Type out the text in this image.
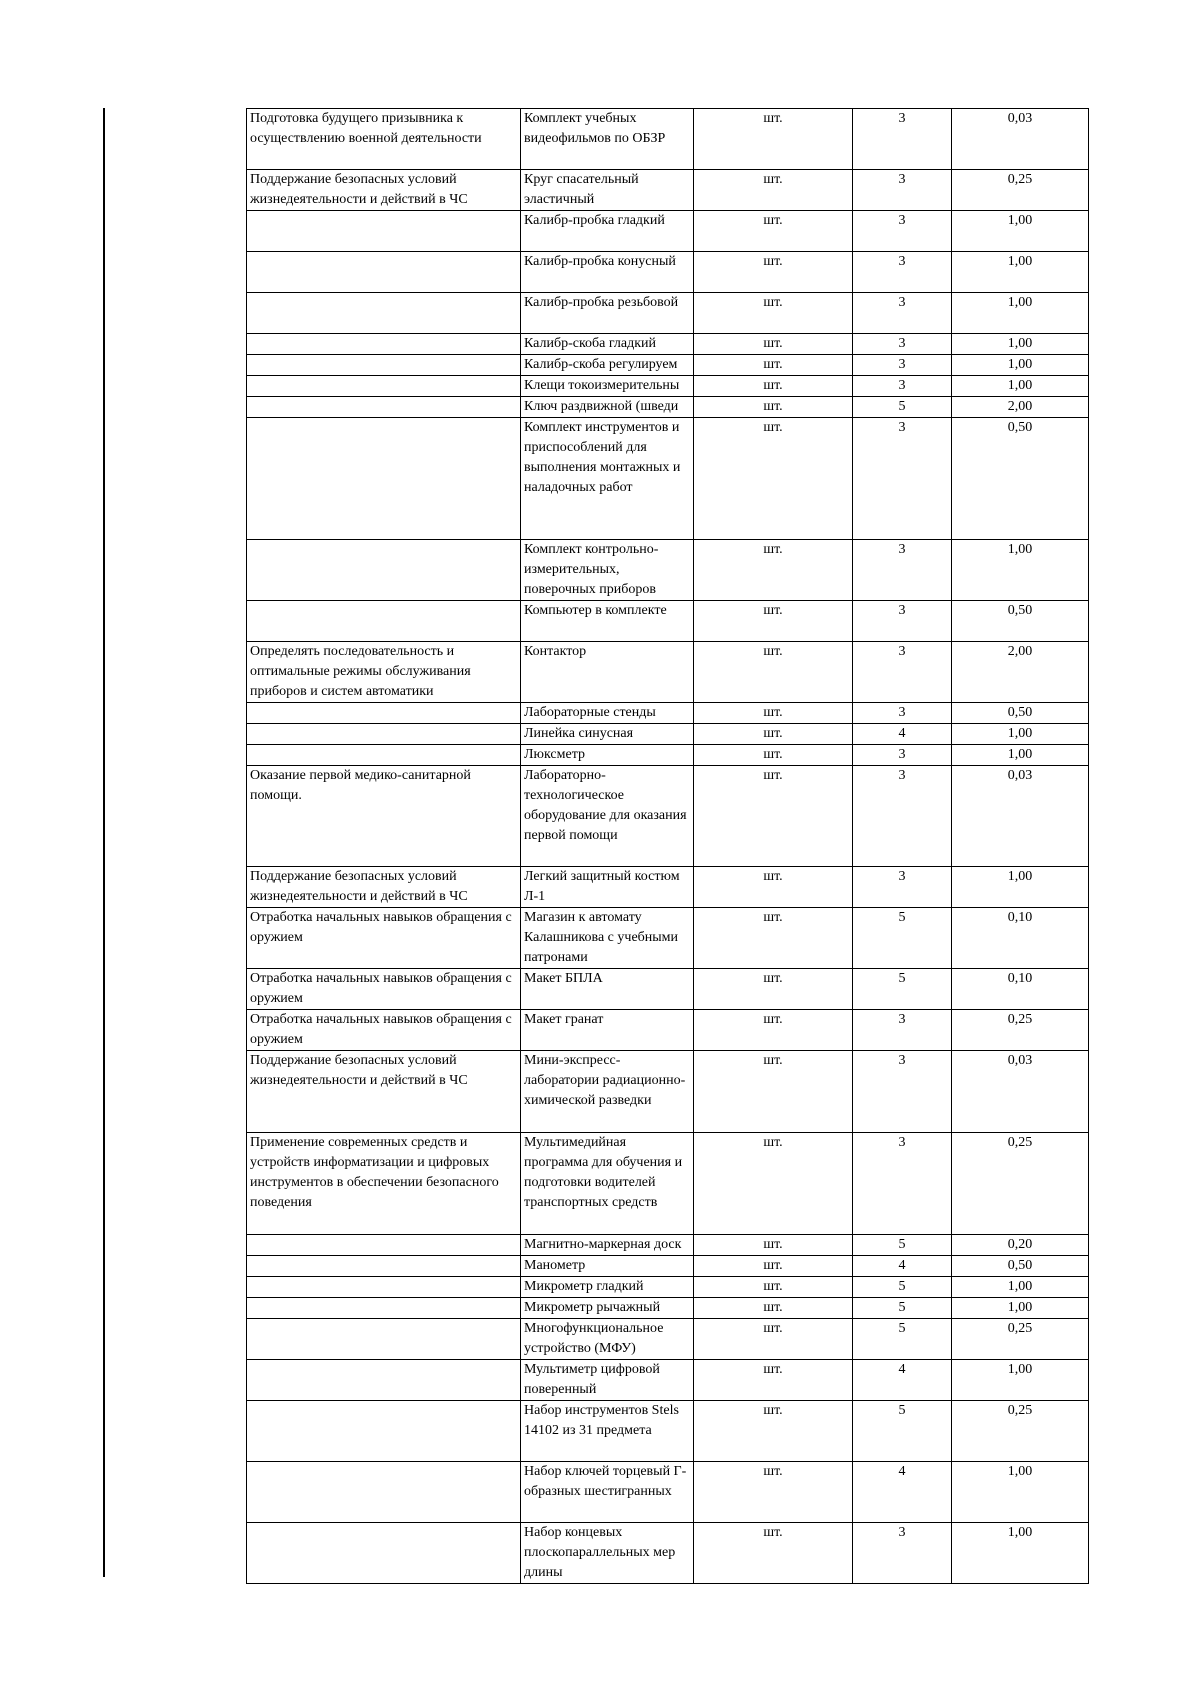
Подготовка будущего призывника к осуществлению военной деятельности	Комплект учебных видеофильмов по ОБЗР	шт.	3	0,03
Поддержание безопасных условий жизнедеятельности и действий в ЧС	Круг спасательный эластичный	шт.	3	0,25
	Калибр-пробка гладкий	шт.	3	1,00
	Калибр-пробка конусный	шт.	3	1,00
	Калибр-пробка резьбовой	шт.	3	1,00
	Калибр-скоба гладкий	шт.	3	1,00
	Калибр-скоба регулируем	шт.	3	1,00
	Клещи токоизмерительны	шт.	3	1,00
	Ключ раздвижной (шведи	шт.	5	2,00
	Комплект инструментов и приспособлений для выполнения монтажных и наладочных работ	шт.	3	0,50
	Комплект контрольно-измерительных, поверочных приборов	шт.	3	1,00
	Компьютер в комплекте	шт.	3	0,50
Определять последовательность и оптимальные режимы обслуживания приборов и систем автоматики	Контактор	шт.	3	2,00
	Лабораторные стенды	шт.	3	0,50
	Линейка синусная	шт.	4	1,00
	Люксметр	шт.	3	1,00
Оказание первой медико-санитарной помощи.	Лабораторно-технологическое оборудование для оказания первой помощи	шт.	3	0,03
Поддержание безопасных условий жизнедеятельности и действий в ЧС	Легкий защитный костюм Л-1	шт.	3	1,00
Отработка начальных навыков обращения с оружием	Магазин к автомату Калашникова с учебными патронами	шт.	5	0,10
Отработка начальных навыков обращения с оружием	Макет БПЛА	шт.	5	0,10
Отработка начальных навыков обращения с оружием	Макет гранат	шт.	3	0,25
Поддержание безопасных условий жизнедеятельности и действий в ЧС	Мини-экспресс-лаборатории радиационно-химической разведки	шт.	3	0,03
Применение современных средств и устройств информатизации и цифровых инструментов в обеспечении безопасного поведения	Мультимедийная программа для обучения и подготовки водителей транспортных средств	шт.	3	0,25
	Магнитно-маркерная доск	шт.	5	0,20
	Манометр	шт.	4	0,50
	Микрометр гладкий	шт.	5	1,00
	Микрометр рычажный	шт.	5	1,00
	Многофункциональное устройство (МФУ)	шт.	5	0,25
	Мультиметр цифровой поверенный	шт.	4	1,00
	Набор инструментов Stels 14102 из 31 предмета	шт.	5	0,25
	Набор ключей торцевый Г-образных шестигранных	шт.	4	1,00
	Набор концевых плоскопараллельных мер длины	шт.	3	1,00
